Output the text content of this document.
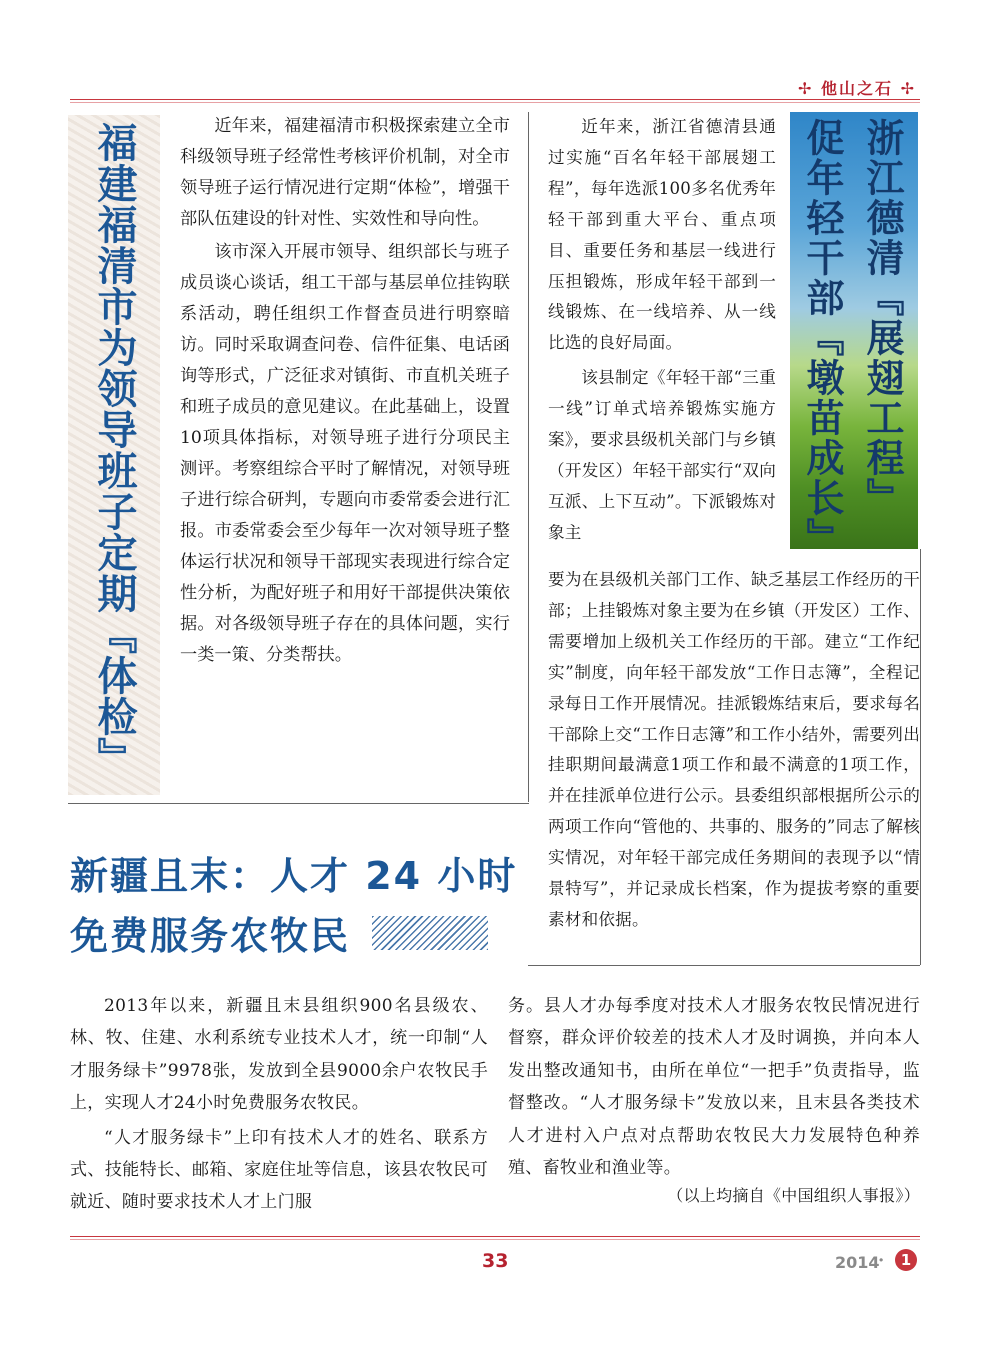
✢ 他山之石 ✢
福建福清市为领导班子定期『体检』	近年来，福建福清市积极探索建立全市科级领导班子经常性考核评价机制，对全市领导班子运行情况进行定期“体检”，增强干部队伍建设的针对性、实效性和导向性。

该市深入开展市领导、组织部长与班子成员谈心谈话，组工干部与基层单位挂钩联系活动，聘任组织工作督查员进行明察暗访。同时采取调查问卷、信件征集、电话函询等形式，广泛征求对镇街、市直机关班子和班子成员的意见建议。在此基础上，设置10项具体指标，对领导班子进行分项民主测评。考察组综合平时了解情况，对领导班子进行综合研判，专题向市委常委会进行汇报。市委常委会至少每年一次对领导班子整体运行状况和领导干部现实表现进行综合定性分析，为配好班子和用好干部提供决策依据。对各级领导班子存在的具体问题，实行一类一策、分类帮扶。

浙江德清『展翅工程』促年轻干部『墩苗成长』

近年来，浙江省德清县通过实施“百名年轻干部展翅工程”，每年选派100多名优秀年轻干部到重大平台、重点项目、重要任务和基层一线进行压担锻炼，形成年轻干部到一线锻炼、在一线培养、从一线比选的良好局面。

该县制定《年轻干部“三重一线”订单式培养锻炼实施方案》，要求县级机关部门与乡镇（开发区）年轻干部实行“双向互派、上下互动”。下派锻炼对象主

要为在县级机关部门工作、缺乏基层工作经历的干部；上挂锻炼对象主要为在乡镇（开发区）工作、需要增加上级机关工作经历的干部。建立“工作纪实”制度，向年轻干部发放“工作日志簿”，全程记录每日工作开展情况。挂派锻炼结束后，要求每名干部除上交“工作日志簿”和工作小结外，需要列出挂职期间最满意1项工作和最不满意的1项工作，并在挂派单位进行公示。县委组织部根据所公示的两项工作向“管他的、共事的、服务的”同志了解核实情况，对年轻干部完成任务期间的表现予以“情景特写”，并记录成长档案，作为提拔考察的重要素材和依据。

新疆且末：人才 24 小时
免费服务农牧民

2013年以来，新疆且末县组织900名县级农、林、牧、住建、水利系统专业技术人才，统一印制“人才服务绿卡”9978张，发放到全县9000余户农牧民手上，实现人才24小时免费服务农牧民。

“人才服务绿卡”上印有技术人才的姓名、联系方式、技能特长、邮箱、家庭住址等信息，该县农牧民可就近、随时要求技术人才上门服

务。县人才办每季度对技术人才服务农牧民情况进行督察，群众评价较差的技术人才及时调换，并向本人发出整改通知书，由所在单位“一把手”负责指导，监督整改。“人才服务绿卡”发放以来，且末县各类技术人才进村入户点对点帮助农牧民大力发展特色种养殖、畜牧业和渔业等。

（以上均摘自《中国组织人事报》）
33	2014
·	1
